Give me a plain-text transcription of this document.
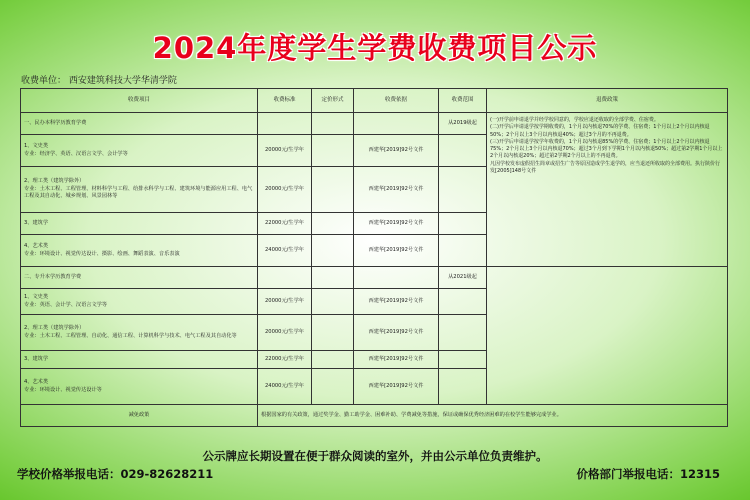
2024年度学生学费收费项目公示
收费单位： 西安建筑科技大学华清学院
收费项目	收费标准	定价形式	收费依据	收费范围	退费政策
一、民办本科学历教育学费				从2019级起	(一)开学前申请退学并经学校同意的，学校应退还收取的全部学费、住宿费。

(二)开学后申请退学按学期收费的，1个月以内核退70%的学费、住宿费；1个月以上2个月以内核退50%；2个月以上3个月以内核退40%；超过3个月的不再退费。

(三)开学后申请退学按学年收费的，1个月以内核退85%的学费、住宿费；1个月以上2个月以内核退75%；2个月以上3个月以内核退70%；超过3个月到下学期1个月以内核退50%；超过第2学期1个月以上2个月以内核退20%；超过第2学期2个月以上的不再退费。

凡因学校发布虚假招生简章或招生广告等原因造成学生退学的，应当退还所收取的全部费用。执行陕价行发[2005]148号文件

1、文史类
专业：经济学、英语、汉语言文学、会计学等	20000元/生学年		西建华[2019]92号文件		

2、理工类（建筑学除外）
专业：土木工程、工程管理、材料科学与工程、给排水科学与工程、建筑环境与能源应用工程、电气工程及其自动化、城乡规划、风景园林等	20000元/生学年		西建华[2019]92号文件		

3、建筑学	22000元/生学年		西建华[2019]92号文件		

4、艺术类
专业：环境设计、视觉传达设计、摄影、绘画、舞蹈表演、音乐表演	24000元/生学年		西建华[2019]92号文件		
二、专升本学历教育学费				从2021级起	

1、文史类
专业：英语、会计学、汉语言文学等	20000元/生学年		西建华[2019]92号文件		

2、理工类（建筑学除外）
专业：土木工程、工程管理、自动化、通信工程、计算机科学与技术、电气工程及其自动化等	20000元/生学年		西建华[2019]92号文件		

3、建筑学	22000元/生学年		西建华[2019]92号文件		

4、艺术类
专业：环境设计、视觉传达设计等	24000元/生学年		西建华[2019]92号文件		
减免政策	根据国家的有关政策，通过奖学金、勤工助学金、困难补助、学费减免等措施，保证或确保优秀经济困难的在校学生能够完成学业。				
公示牌应长期设置在便于群众阅读的室外，并由公示单位负责维护。
学校价格举报电话：029-82628211	价格部门举报电话：12315
